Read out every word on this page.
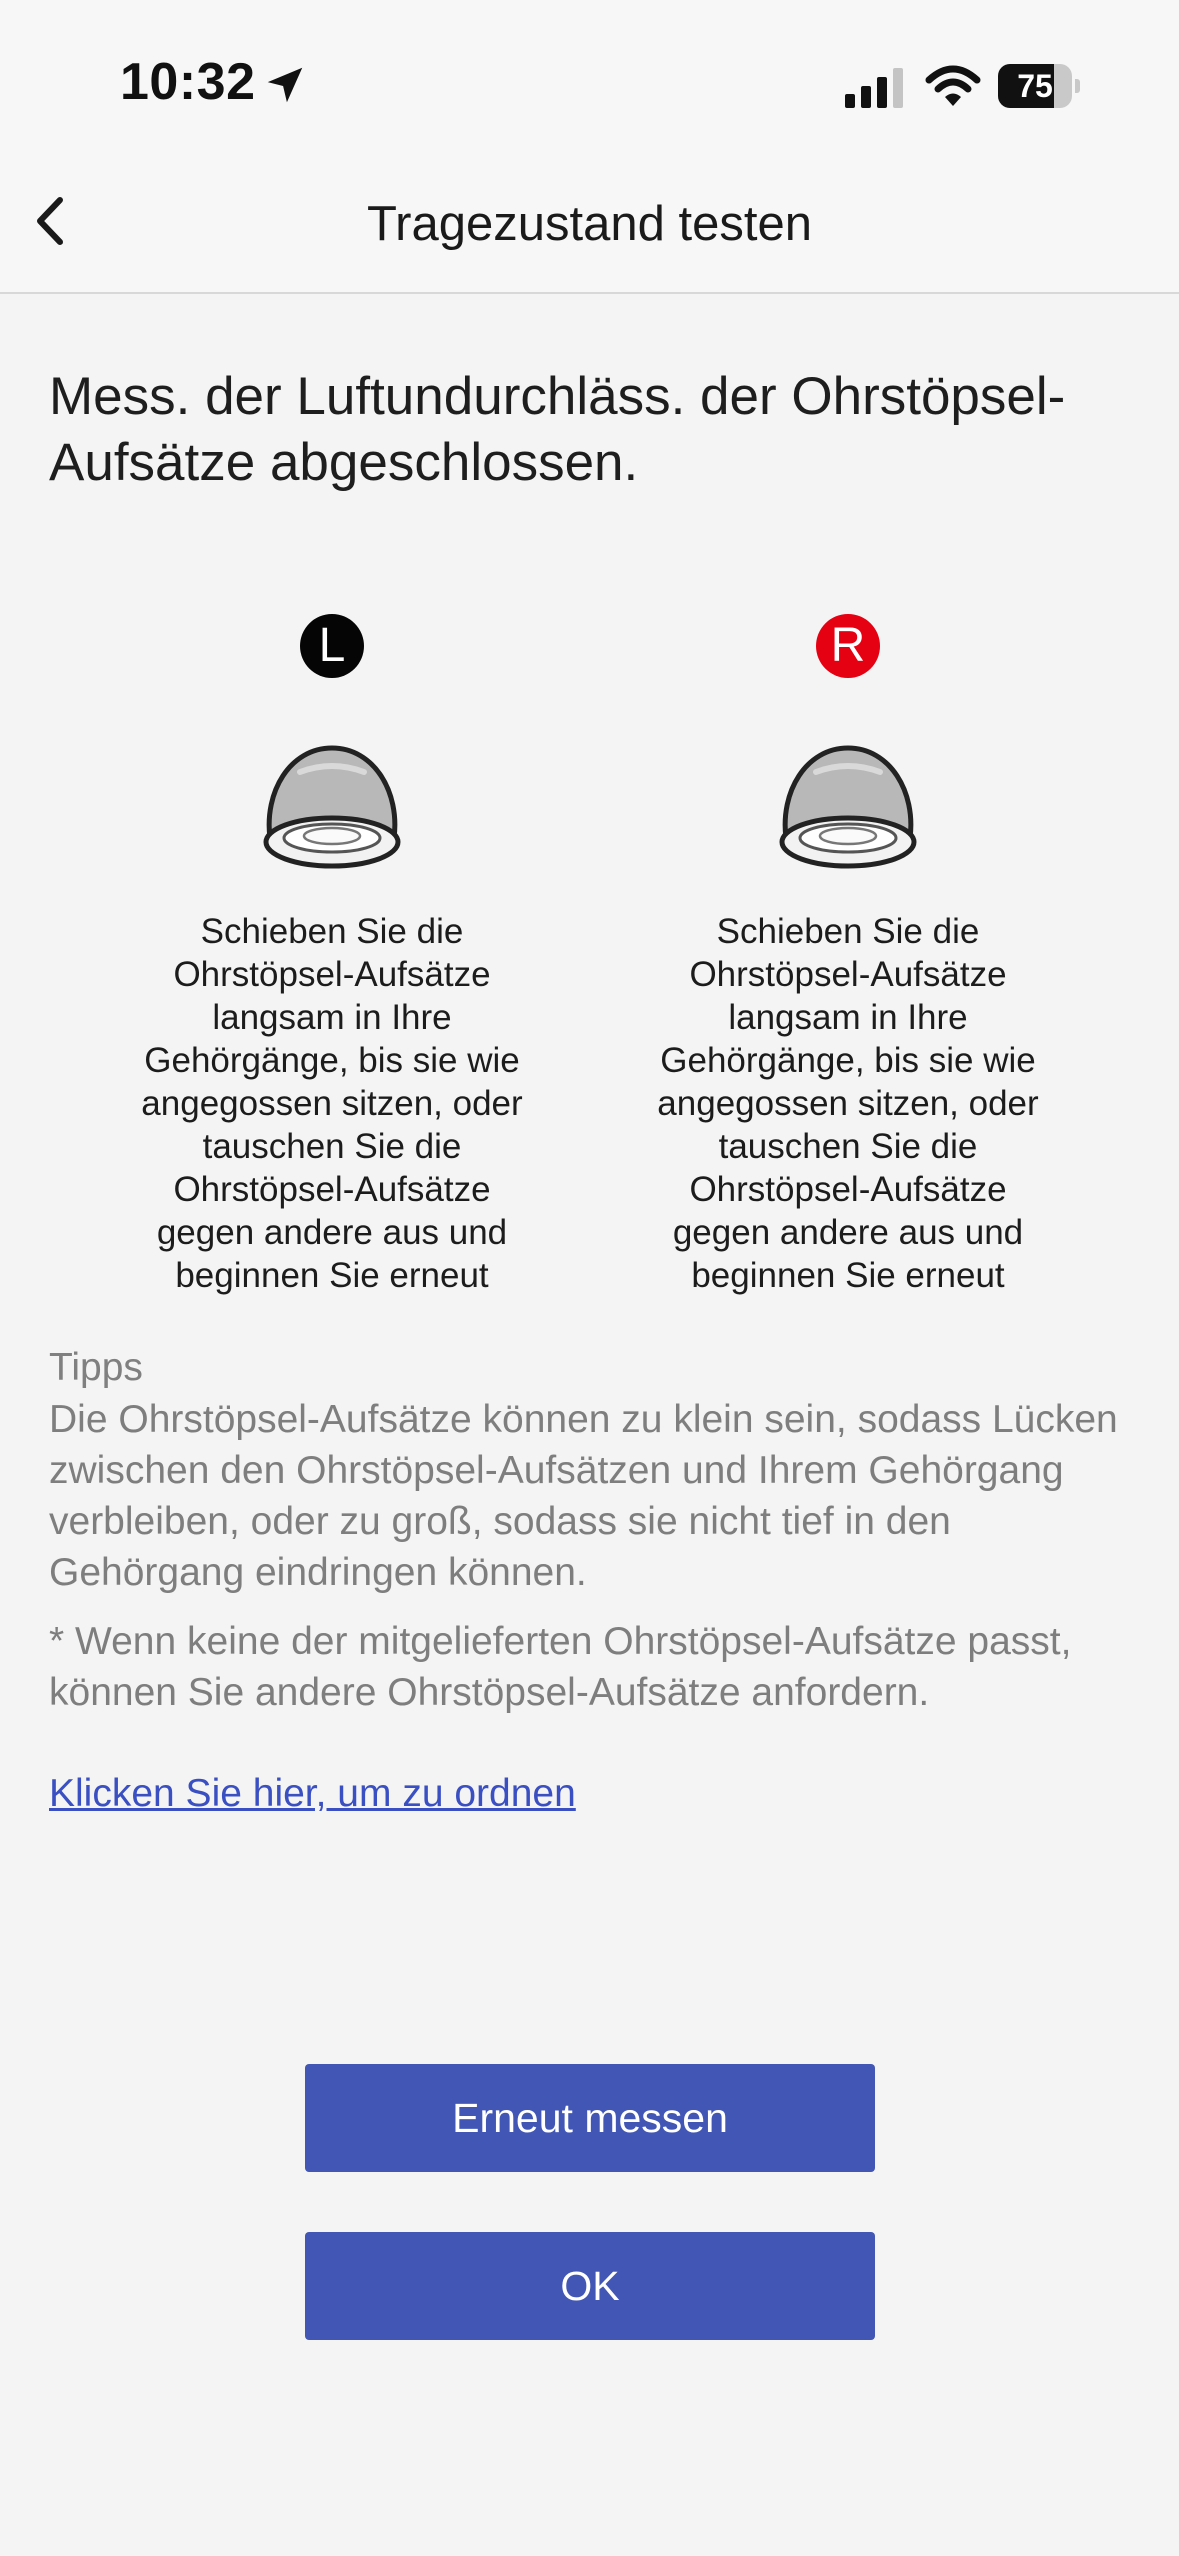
10:32	75
Tragezustand testen
Mess. der Luftundurchläss. der Ohrstöpsel-Aufsätze abgeschlossen.
L
Schieben Sie die Ohrstöpsel-Aufsätze langsam in Ihre Gehörgänge, bis sie wie angegossen sitzen, oder tauschen Sie die Ohrstöpsel-Aufsätze gegen andere aus und beginnen Sie erneut
R
Schieben Sie die Ohrstöpsel-Aufsätze langsam in Ihre Gehörgänge, bis sie wie angegossen sitzen, oder tauschen Sie die Ohrstöpsel-Aufsätze gegen andere aus und beginnen Sie erneut
Tipps
Die Ohrstöpsel-Aufsätze können zu klein sein, sodass Lücken zwischen den Ohrstöpsel-Aufsätzen und Ihrem Gehörgang verbleiben, oder zu groß, sodass sie nicht tief in den Gehörgang eindringen können.
* Wenn keine der mitgelieferten Ohrstöpsel-Aufsätze passt, können Sie andere Ohrstöpsel-Aufsätze anfordern.
Klicken Sie hier, um zu ordnen
Erneut messen
OK
